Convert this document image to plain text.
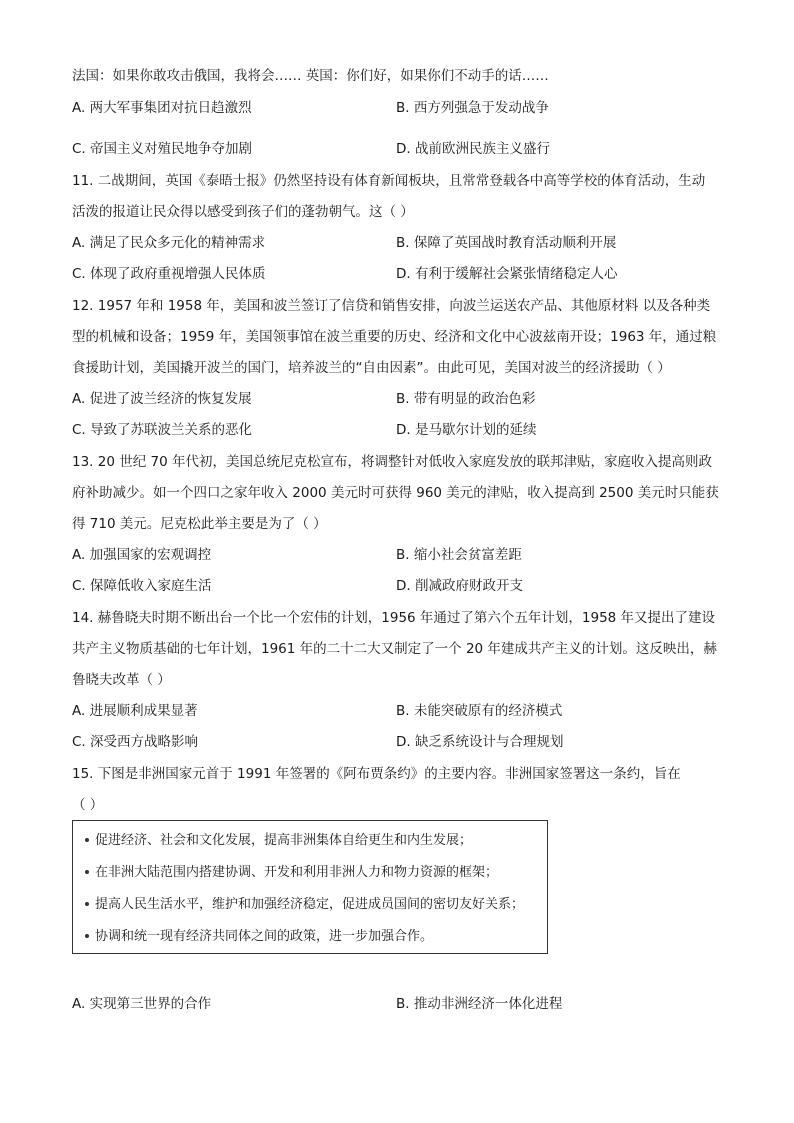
法国：如果你敢攻击俄国，我将会…… 英国：你们好，如果你们不动手的话……
A. 两大军事集团对抗日趋激烈	B. 西方列强急于发动战争
C. 帝国主义对殖民地争夺加剧	D. 战前欧洲民族主义盛行
11. 二战期间，英国《泰晤士报》仍然坚持设有体育新闻板块，且常常登载各中高等学校的体育活动，生动
活泼的报道让民众得以感受到孩子们的蓬勃朝气。这（ ）
A. 满足了民众多元化的精神需求	B. 保障了英国战时教育活动顺利开展
C. 体现了政府重视增强人民体质	D. 有利于缓解社会紧张情绪稳定人心
12. 1957 年和 1958 年，美国和波兰签订了信贷和销售安排，向波兰运送农产品、其他原材料 以及各种类
型的机械和设备；1959 年，美国领事馆在波兰重要的历史、经济和文化中心波兹南开设；1963 年，通过粮
食援助计划，美国撬开波兰的国门，培养波兰的“自由因素”。由此可见，美国对波兰的经济援助（ ）
A. 促进了波兰经济的恢复发展	B. 带有明显的政治色彩
C. 导致了苏联波兰关系的恶化	D. 是马歇尔计划的延续
13. 20 世纪 70 年代初，美国总统尼克松宣布，将调整针对低收入家庭发放的联邦津贴，家庭收入提高则政
府补助减少。如一个四口之家年收入 2000 美元时可获得 960 美元的津贴，收入提高到 2500 美元时只能获
得 710 美元。尼克松此举主要是为了（ ）
A. 加强国家的宏观调控	B. 缩小社会贫富差距
C. 保障低收入家庭生活	D. 削减政府财政开支
14. 赫鲁晓夫时期不断出台一个比一个宏伟的计划，1956 年通过了第六个五年计划，1958 年又提出了建设
共产主义物质基础的七年计划，1961 年的二十二大又制定了一个 20 年建成共产主义的计划。这反映出，赫
鲁晓夫改革（ ）
A. 进展顺利成果显著	B. 未能突破原有的经济模式
C. 深受西方战略影响	D. 缺乏系统设计与合理规划
15. 下图是非洲国家元首于 1991 年签署的《阿布贾条约》的主要内容。非洲国家签署这一条约，旨在
（ ）
促进经济、社会和文化发展，提高非洲集体自给更生和内生发展；
在非洲大陆范围内搭建协调、开发和利用非洲人力和物力资源的框架；
提高人民生活水平，维护和加强经济稳定，促进成员国间的密切友好关系；
协调和统一现有经济共同体之间的政策，进一步加强合作。
A. 实现第三世界的合作	B. 推动非洲经济一体化进程
